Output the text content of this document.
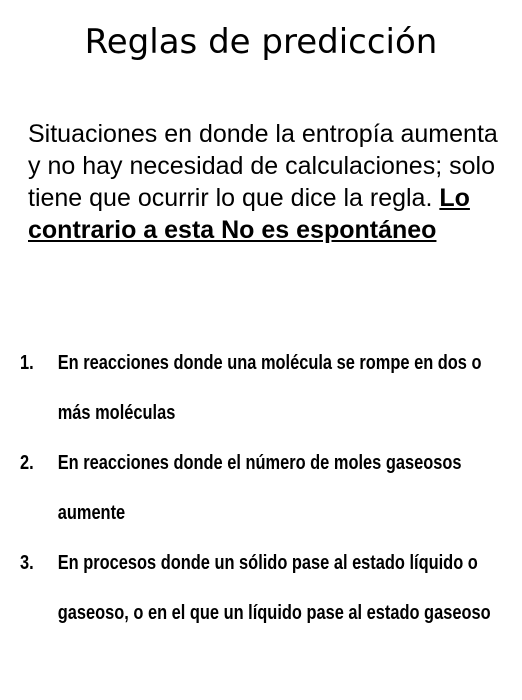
Reglas de predicción

Situaciones en donde la entropía aumenta y no hay necesidad de calculaciones; solo tiene que ocurrir lo que dice la regla. Lo contrario a esta No es espontáneo

1. En reacciones donde una molécula se rompe en dos o más moléculas
2. En reacciones donde el número de moles gaseosos aumente
3. En procesos donde un sólido pase al estado líquido o gaseoso, o en el que un líquido pase al estado gaseoso
